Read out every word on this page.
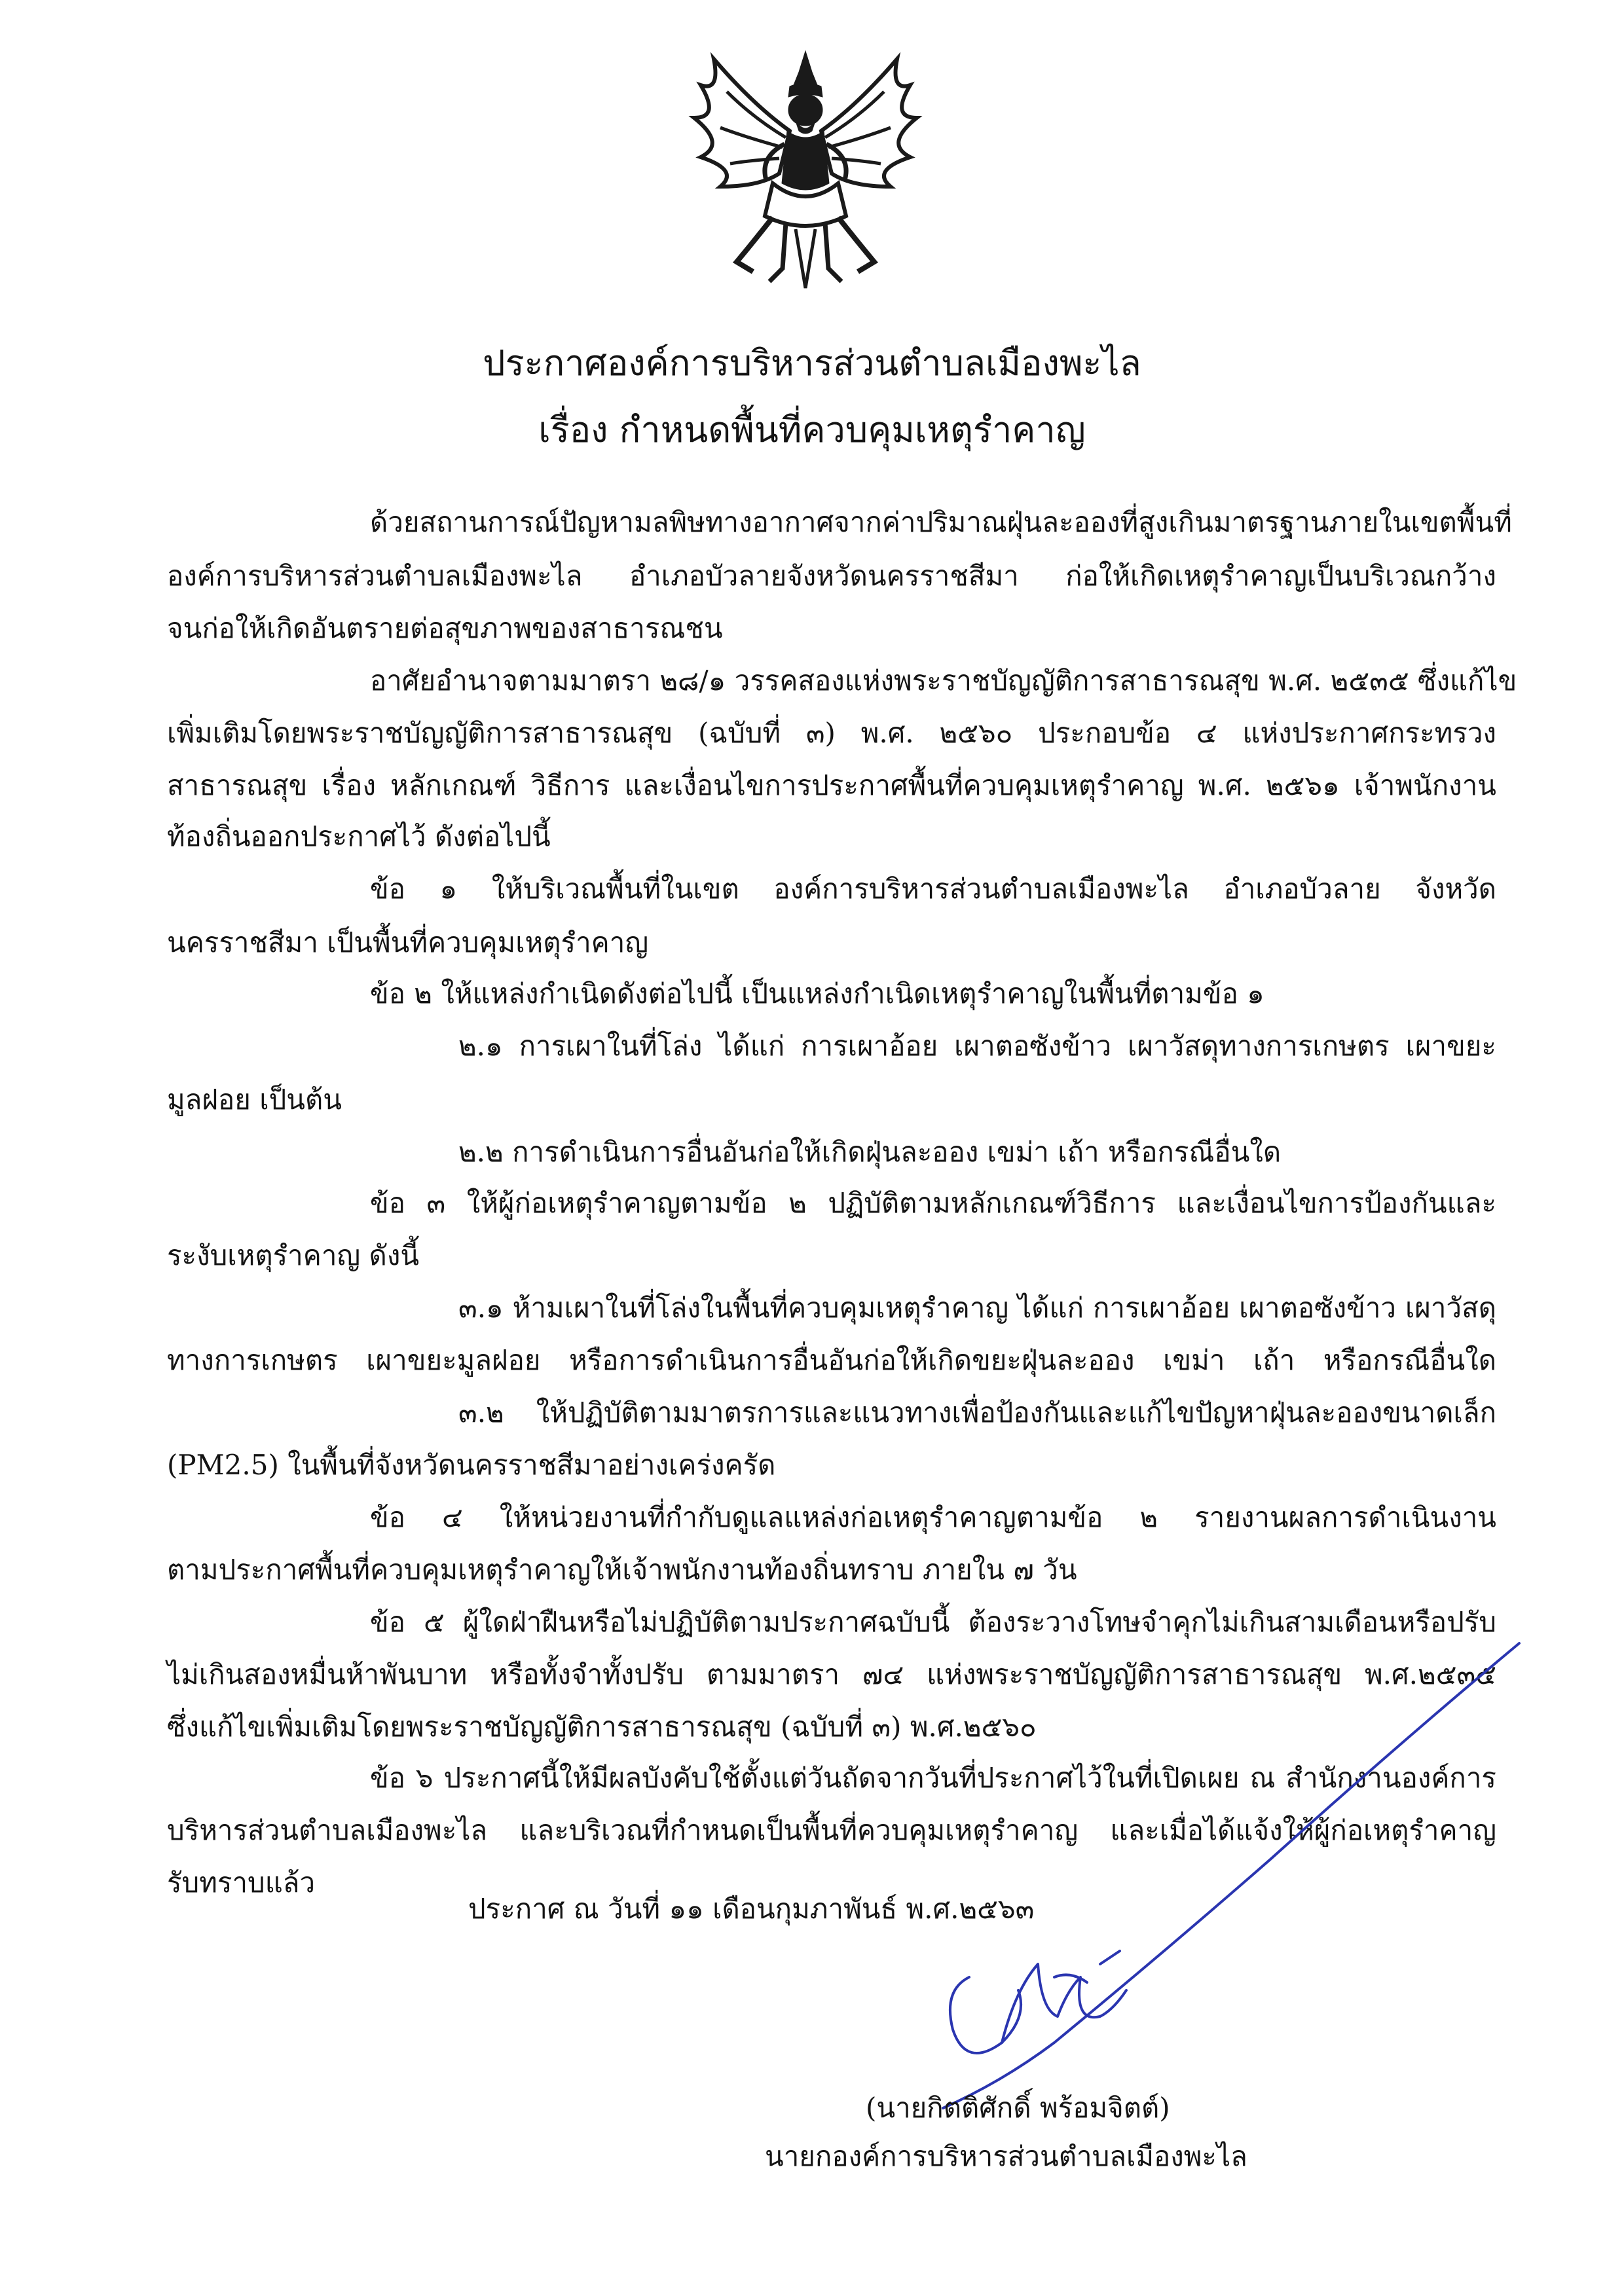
ประกาศองค์การบริหารส่วนตำบลเมืองพะไล
เรื่อง กำหนดพื้นที่ควบคุมเหตุรำคาญ
ด้วยสถานการณ์ปัญหามลพิษทางอากาศจากค่าปริมาณฝุ่นละอองที่สูงเกินมาตรฐานภายในเขตพื้นที่
องค์การบริหารส่วนตำบลเมืองพะไล อำเภอบัวลายจังหวัดนครราชสีมา ก่อให้เกิดเหตุรำคาญเป็นบริเวณกว้าง
จนก่อให้เกิดอันตรายต่อสุขภาพของสาธารณชน
อาศัยอำนาจตามมาตรา ๒๘/๑ วรรคสองแห่งพระราชบัญญัติการสาธารณสุข พ.ศ. ๒๕๓๕ ซึ่งแก้ไข
เพิ่มเติมโดยพระราชบัญญัติการสาธารณสุข (ฉบับที่ ๓) พ.ศ. ๒๕๖๐ ประกอบข้อ ๔ แห่งประกาศกระทรวง
สาธารณสุข เรื่อง หลักเกณฑ์ วิธีการ และเงื่อนไขการประกาศพื้นที่ควบคุมเหตุรำคาญ พ.ศ. ๒๕๖๑ เจ้าพนักงาน
ท้องถิ่นออกประกาศไว้ ดังต่อไปนี้
ข้อ ๑ ให้บริเวณพื้นที่ในเขต องค์การบริหารส่วนตำบลเมืองพะไล อำเภอบัวลาย จังหวัด
นครราชสีมา เป็นพื้นที่ควบคุมเหตุรำคาญ
ข้อ ๒ ให้แหล่งกำเนิดดังต่อไปนี้ เป็นแหล่งกำเนิดเหตุรำคาญในพื้นที่ตามข้อ ๑
๒.๑ การเผาในที่โล่ง ได้แก่ การเผาอ้อย เผาตอซังข้าว เผาวัสดุทางการเกษตร เผาขยะ
มูลฝอย เป็นต้น
๒.๒ การดำเนินการอื่นอันก่อให้เกิดฝุ่นละออง เขม่า เถ้า หรือกรณีอื่นใด
ข้อ ๓ ให้ผู้ก่อเหตุรำคาญตามข้อ ๒ ปฏิบัติตามหลักเกณฑ์วิธีการ และเงื่อนไขการป้องกันและ
ระงับเหตุรำคาญ ดังนี้
๓.๑ ห้ามเผาในที่โล่งในพื้นที่ควบคุมเหตุรำคาญ ได้แก่ การเผาอ้อย เผาตอซังข้าว เผาวัสดุ
ทางการเกษตร เผาขยะมูลฝอย หรือการดำเนินการอื่นอันก่อให้เกิดขยะฝุ่นละออง เขม่า เถ้า หรือกรณีอื่นใด
๓.๒ ให้ปฏิบัติตามมาตรการและแนวทางเพื่อป้องกันและแก้ไขปัญหาฝุ่นละอองขนาดเล็ก
(PM2.5) ในพื้นที่จังหวัดนครราชสีมาอย่างเคร่งครัด
ข้อ ๔ ให้หน่วยงานที่กำกับดูแลแหล่งก่อเหตุรำคาญตามข้อ ๒ รายงานผลการดำเนินงาน
ตามประกาศพื้นที่ควบคุมเหตุรำคาญให้เจ้าพนักงานท้องถิ่นทราบ ภายใน ๗ วัน
ข้อ ๕ ผู้ใดฝ่าฝืนหรือไม่ปฏิบัติตามประกาศฉบับนี้ ต้องระวางโทษจำคุกไม่เกินสามเดือนหรือปรับ
ไม่เกินสองหมื่นห้าพันบาท หรือทั้งจำทั้งปรับ ตามมาตรา ๗๔ แห่งพระราชบัญญัติการสาธารณสุข พ.ศ.๒๕๓๕
ซึ่งแก้ไขเพิ่มเติมโดยพระราชบัญญัติการสาธารณสุข (ฉบับที่ ๓) พ.ศ.๒๕๖๐
ข้อ ๖ ประกาศนี้ให้มีผลบังคับใช้ตั้งแต่วันถัดจากวันที่ประกาศไว้ในที่เปิดเผย ณ สำนักงานองค์การ
บริหารส่วนตำบลเมืองพะไล และบริเวณที่กำหนดเป็นพื้นที่ควบคุมเหตุรำคาญ และเมื่อได้แจ้งให้ผู้ก่อเหตุรำคาญ
รับทราบแล้ว
ประกาศ ณ วันที่ ๑๑ เดือนกุมภาพันธ์ พ.ศ.๒๕๖๓
(นายกิตติศักดิ์ พร้อมจิตต์)
นายกองค์การบริหารส่วนตำบลเมืองพะไล
